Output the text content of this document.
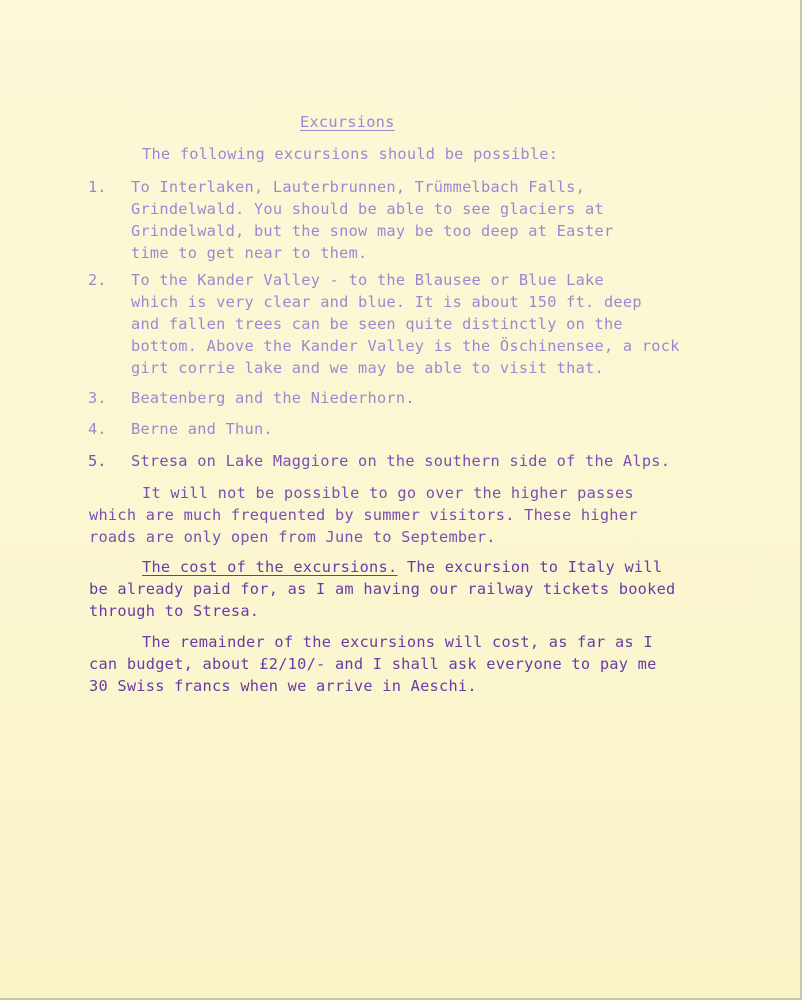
Excursions
The following excursions should be possible:
1. To Interlaken, Lauterbrunnen, Trümmelbach Falls,
Grindelwald. You should be able to see glaciers at
Grindelwald, but the snow may be too deep at Easter
time to get near to them.
2. To the Kander Valley - to the Blausee or Blue Lake
which is very clear and blue. It is about 150 ft. deep
and fallen trees can be seen quite distinctly on the
bottom. Above the Kander Valley is the Öschinensee, a rock
girt corrie lake and we may be able to visit that.
3. Beatenberg and the Niederhorn.
4. Berne and Thun.
5. Stresa on Lake Maggiore on the southern side of the Alps.
It will not be possible to go over the higher passes
which are much frequented by summer visitors. These higher
roads are only open from June to September.
The cost of the excursions. The excursion to Italy will
be already paid for, as I am having our railway tickets booked
through to Stresa.
The remainder of the excursions will cost, as far as I
can budget, about £2/10/- and I shall ask everyone to pay me
30 Swiss francs when we arrive in Aeschi.
